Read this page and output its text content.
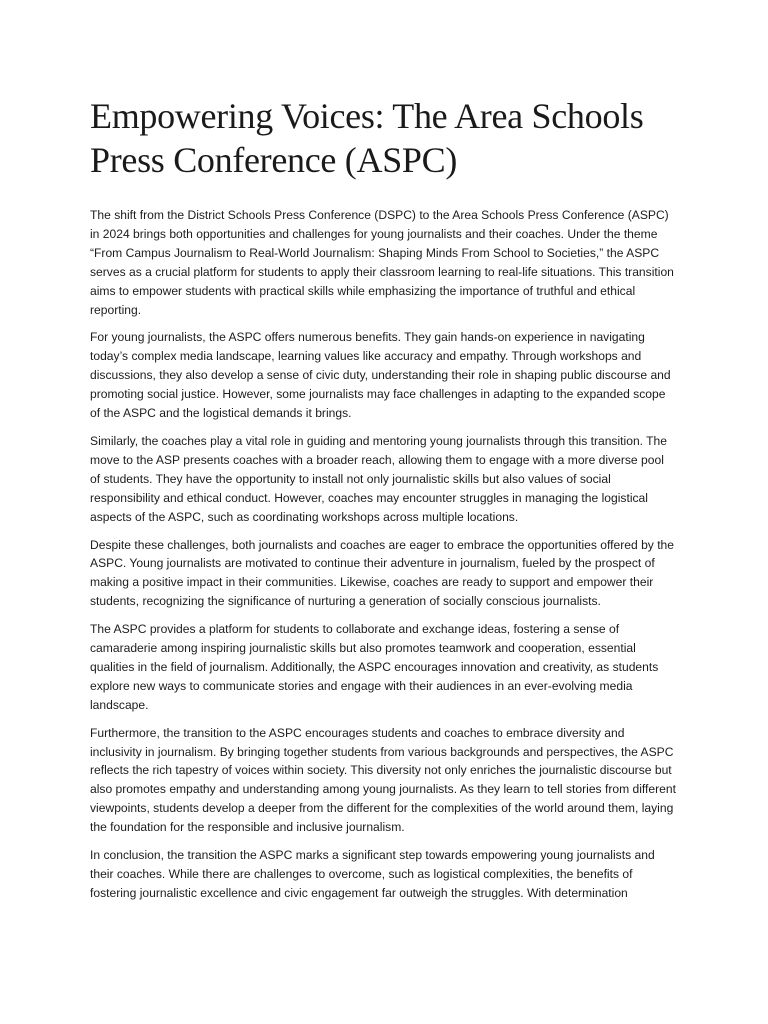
Empowering Voices: The Area Schools Press Conference (ASPC)

The shift from the District Schools Press Conference (DSPC) to the Area Schools Press Conference (ASPC) in 2024 brings both opportunities and challenges for young journalists and their coaches. Under the theme “From Campus Journalism to Real-World Journalism: Shaping Minds From School to Societies,” the ASPC serves as a crucial platform for students to apply their classroom learning to real-life situations. This transition aims to empower students with practical skills while emphasizing the importance of truthful and ethical reporting.

For young journalists, the ASPC offers numerous benefits. They gain hands-on experience in navigating today’s complex media landscape, learning values like accuracy and empathy. Through workshops and discussions, they also develop a sense of civic duty, understanding their role in shaping public discourse and promoting social justice. However, some journalists may face challenges in adapting to the expanded scope of the ASPC and the logistical demands it brings.

Similarly, the coaches play a vital role in guiding and mentoring young journalists through this transition. The move to the ASP presents coaches with a broader reach, allowing them to engage with a more diverse pool of students. They have the opportunity to install not only journalistic skills but also values of social responsibility and ethical conduct. However, coaches may encounter struggles in managing the logistical aspects of the ASPC, such as coordinating workshops across multiple locations.

Despite these challenges, both journalists and coaches are eager to embrace the opportunities offered by the ASPC. Young journalists are motivated to continue their adventure in journalism, fueled by the prospect of making a positive impact in their communities. Likewise, coaches are ready to support and empower their students, recognizing the significance of nurturing a generation of socially conscious journalists.

The ASPC provides a platform for students to collaborate and exchange ideas, fostering a sense of camaraderie among inspiring journalistic skills but also promotes teamwork and cooperation, essential qualities in the field of journalism. Additionally, the ASPC encourages innovation and creativity, as students explore new ways to communicate stories and engage with their audiences in an ever-evolving media landscape.

Furthermore, the transition to the ASPC encourages students and coaches to embrace diversity and inclusivity in journalism. By bringing together students from various backgrounds and perspectives, the ASPC reflects the rich tapestry of voices within society. This diversity not only enriches the journalistic discourse but also promotes empathy and understanding among young journalists. As they learn to tell stories from different viewpoints, students develop a deeper from the different for the complexities of the world around them, laying the foundation for the responsible and inclusive journalism.

In conclusion, the transition the ASPC marks a significant step towards empowering young journalists and their coaches. While there are challenges to overcome, such as logistical complexities, the benefits of fostering journalistic excellence and civic engagement far outweigh the struggles. With determination
